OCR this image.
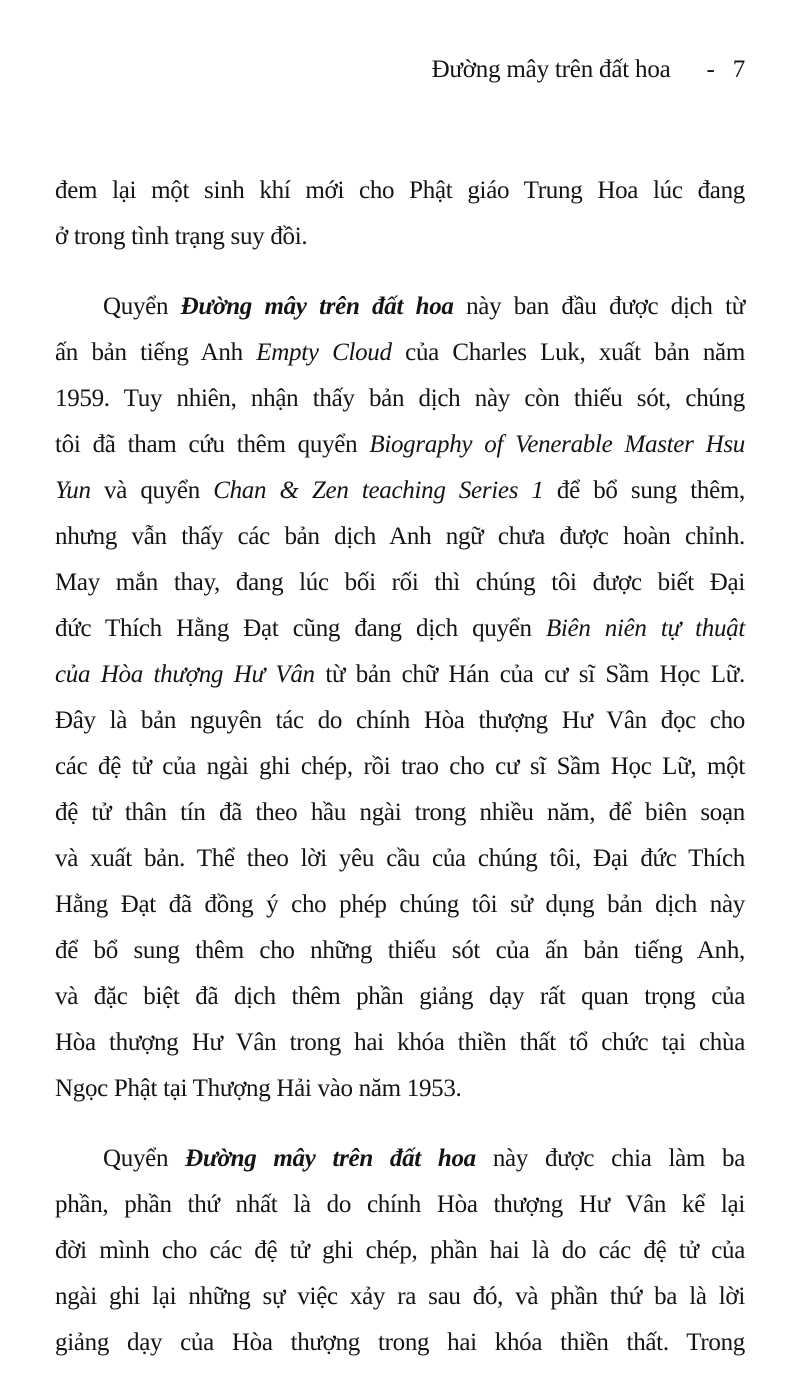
Đường mây trên đất hoa - 7
đem lại một sinh khí mới cho Phật giáo Trung Hoa lúc đang
ở trong tình trạng suy đồi.
Quyển Đường mây trên đất hoa này ban đầu được dịch từ
ấn bản tiếng Anh Empty Cloud của Charles Luk, xuất bản năm
1959. Tuy nhiên, nhận thấy bản dịch này còn thiếu sót, chúng
tôi đã tham cứu thêm quyển Biography of Venerable Master Hsu
Yun và quyển Chan & Zen teaching Series 1 để bổ sung thêm,
nhưng vẫn thấy các bản dịch Anh ngữ chưa được hoàn chỉnh.
May mắn thay, đang lúc bối rối thì chúng tôi được biết Đại
đức Thích Hằng Đạt cũng đang dịch quyển Biên niên tự thuật
của Hòa thượng Hư Vân từ bản chữ Hán của cư sĩ Sầm Học Lữ.
Đây là bản nguyên tác do chính Hòa thượng Hư Vân đọc cho
các đệ tử của ngài ghi chép, rồi trao cho cư sĩ Sầm Học Lữ, một
đệ tử thân tín đã theo hầu ngài trong nhiều năm, để biên soạn
và xuất bản. Thể theo lời yêu cầu của chúng tôi, Đại đức Thích
Hằng Đạt đã đồng ý cho phép chúng tôi sử dụng bản dịch này
để bổ sung thêm cho những thiếu sót của ấn bản tiếng Anh,
và đặc biệt đã dịch thêm phần giảng dạy rất quan trọng của
Hòa thượng Hư Vân trong hai khóa thiền thất tổ chức tại chùa
Ngọc Phật tại Thượng Hải vào năm 1953.
Quyển Đường mây trên đất hoa này được chia làm ba
phần, phần thứ nhất là do chính Hòa thượng Hư Vân kể lại
đời mình cho các đệ tử ghi chép, phần hai là do các đệ tử của
ngài ghi lại những sự việc xảy ra sau đó, và phần thứ ba là lời
giảng dạy của Hòa thượng trong hai khóa thiền thất. Trong
